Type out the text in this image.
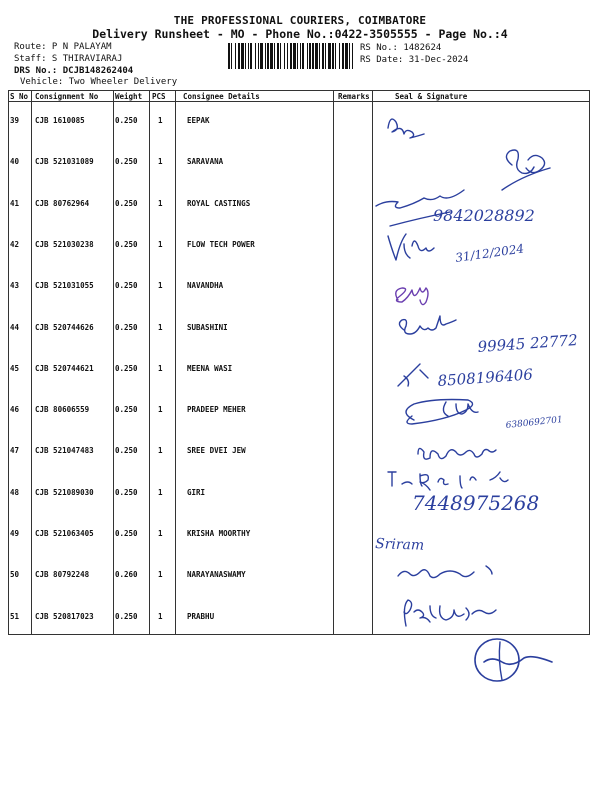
THE PROFESSIONAL COURIERS, COIMBATORE
Delivery Runsheet - MO - Phone No.:0422-3505555 - Page No.:4
Route: P N PALAYAM
Staff: S THIRAVIARAJ
DRS No.: DCJB148262404
Vehicle: Two Wheeler Delivery
RS No.: 1482624
RS Date: 31-Dec-2024
S No Consignment No Weight PCS Consignee Details	Remarks	Seal & Signature
39 CJB 1610085	0.250	1	EEPAK
40 CJB 521031089	0.250	1	SARAVANA
41 CJB 80762964	0.250	1	ROYAL CASTINGS
42 CJB 521030238	0.250	1	FLOW TECH POWER
43 CJB 521031055	0.250	1	NAVANDHA
44 CJB 520744626	0.250	1	SUBASHINI
45 CJB 520744621	0.250	1	MEENA WASI
46 CJB 80606559	0.250	1	PRADEEP MEHER
47 CJB 521047483	0.250	1	SREE DVEI JEW
48 CJB 521089030	0.250	1	GIRI
49 CJB 521063405	0.250	1	KRISHA MOORTHY
50 CJB 80792248	0.260	1	NARAYANASWAMY
51 CJB 520817023	0.250	1	PRABHU
9842028892
31/12/2024
99945 22772
8508196406
6380692701
7448975268
Sriram
